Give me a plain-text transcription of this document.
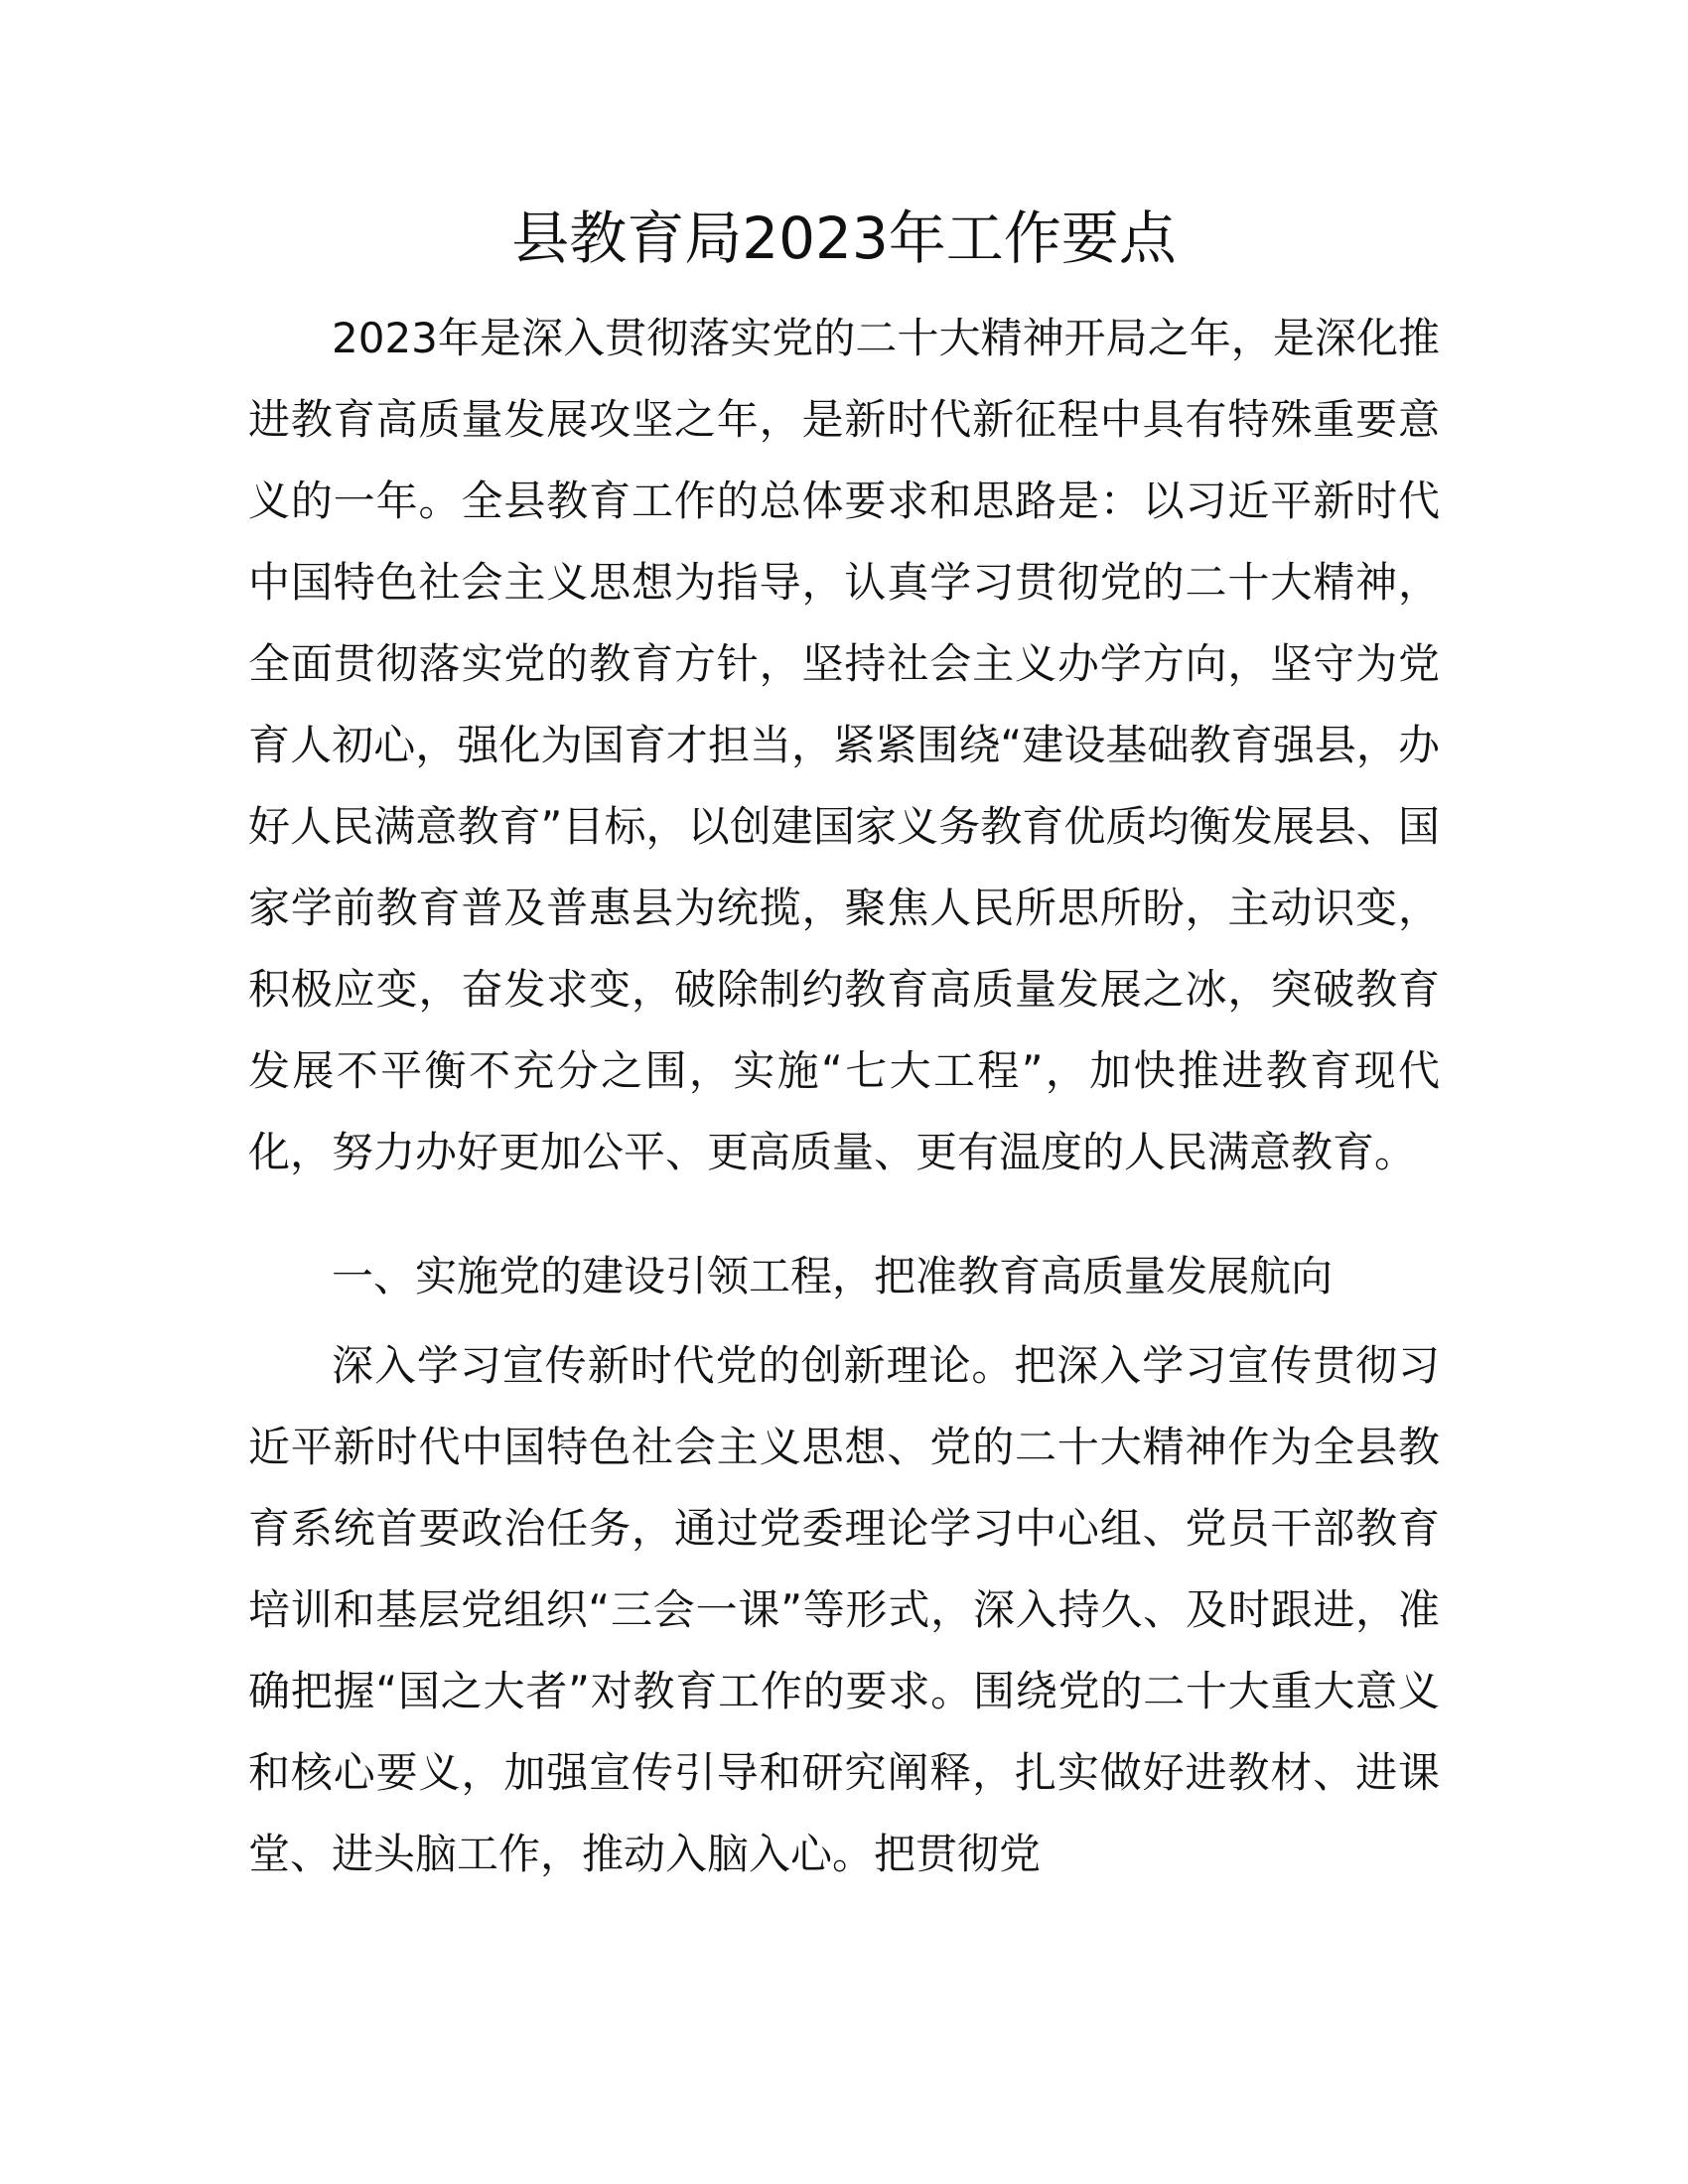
县教育局2023年工作要点

2023年是深入贯彻落实党的二十大精神开局之年，是深化推进教育高质量发展攻坚之年，是新时代新征程中具有特殊重要意义的一年。全县教育工作的总体要求和思路是：以习近平新时代中国特色社会主义思想为指导，认真学习贯彻党的二十大精神，全面贯彻落实党的教育方针，坚持社会主义办学方向，坚守为党育人初心，强化为国育才担当，紧紧围绕“建设基础教育强县，办好人民满意教育”目标，以创建国家义务教育优质均衡发展县、国家学前教育普及普惠县为统揽，聚焦人民所思所盼，主动识变，积极应变，奋发求变，破除制约教育高质量发展之冰，突破教育发展不平衡不充分之围，实施“七大工程”，加快推进教育现代化，努力办好更加公平、更高质量、更有温度的人民满意教育。

一、实施党的建设引领工程，把准教育高质量发展航向

深入学习宣传新时代党的创新理论。把深入学习宣传贯彻习近平新时代中国特色社会主义思想、党的二十大精神作为全县教育系统首要政治任务，通过党委理论学习中心组、党员干部教育培训和基层党组织“三会一课”等形式，深入持久、及时跟进，准确把握“国之大者”对教育工作的要求。围绕党的二十大重大意义和核心要义，加强宣传引导和研究阐释，扎实做好进教材、进课堂、进头脑工作，推动入脑入心。把贯彻党
